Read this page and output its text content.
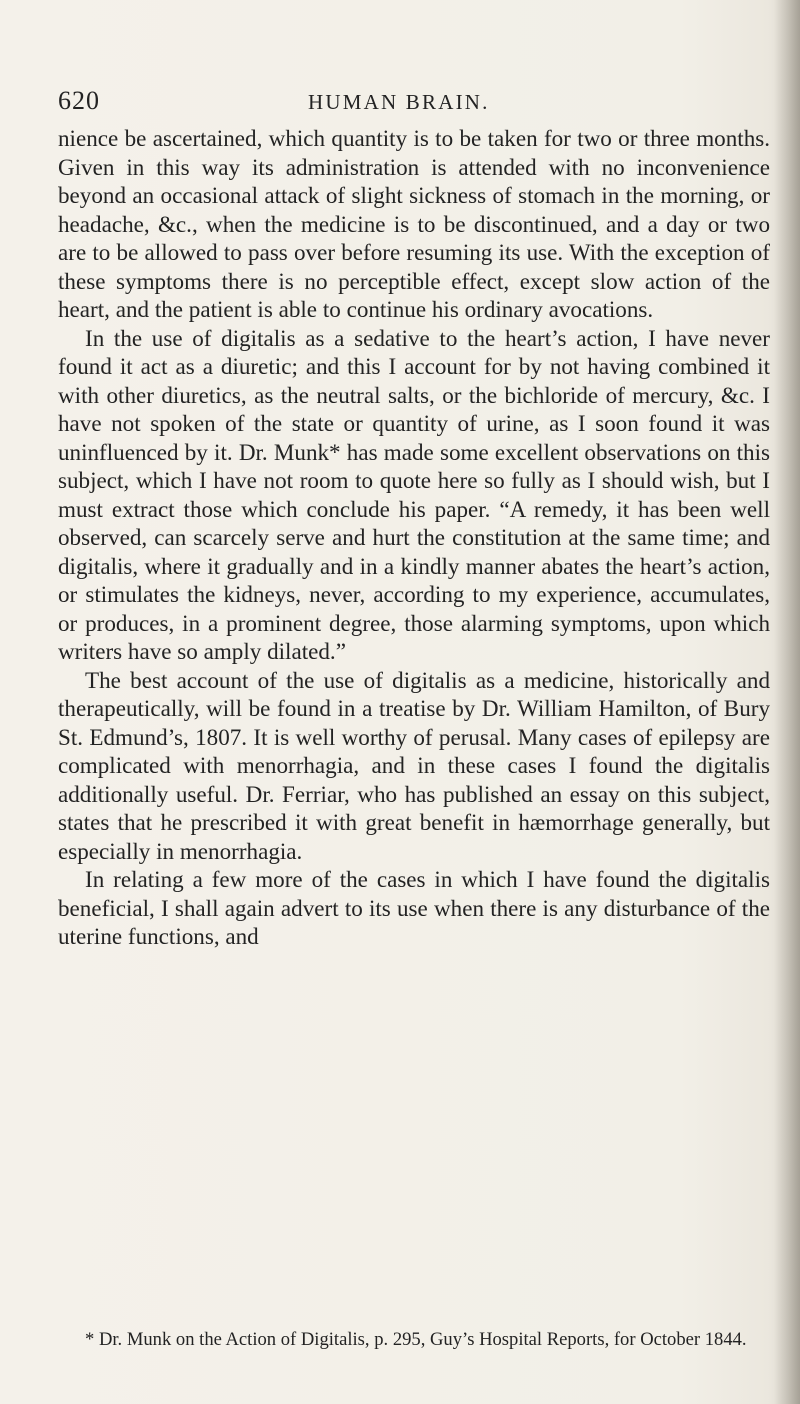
620	HUMAN BRAIN.

nience be ascertained, which quantity is to be taken for two or three months. Given in this way its administration is attended with no inconvenience beyond an occasional attack of slight sickness of stomach in the morning, or headache, &c., when the medicine is to be discontinued, and a day or two are to be allowed to pass over before resuming its use. With the exception of these symptoms there is no perceptible effect, except slow action of the heart, and the patient is able to continue his ordinary avocations.

In the use of digitalis as a sedative to the heart’s action, I have never found it act as a diuretic; and this I account for by not having combined it with other diuretics, as the neutral salts, or the bichloride of mercury, &c. I have not spoken of the state or quantity of urine, as I soon found it was uninfluenced by it. Dr. Munk* has made some excellent observations on this subject, which I have not room to quote here so fully as I should wish, but I must extract those which conclude his paper. “A remedy, it has been well observed, can scarcely serve and hurt the constitution at the same time; and digitalis, where it gradually and in a kindly manner abates the heart’s action, or stimulates the kidneys, never, according to my experience, accumulates, or produces, in a prominent degree, those alarming symptoms, upon which writers have so amply dilated.”

The best account of the use of digitalis as a medicine, historically and therapeutically, will be found in a treatise by Dr. William Hamilton, of Bury St. Edmund’s, 1807. It is well worthy of perusal. Many cases of epilepsy are complicated with menorrhagia, and in these cases I found the digitalis additionally useful. Dr. Ferriar, who has published an essay on this subject, states that he prescribed it with great benefit in hæmorrhage generally, but especially in menorrhagia.

In relating a few more of the cases in which I have found the digitalis beneficial, I shall again advert to its use when there is any disturbance of the uterine functions, and

* Dr. Munk on the Action of Digitalis, p. 295, Guy’s Hospital Reports, for October 1844.
